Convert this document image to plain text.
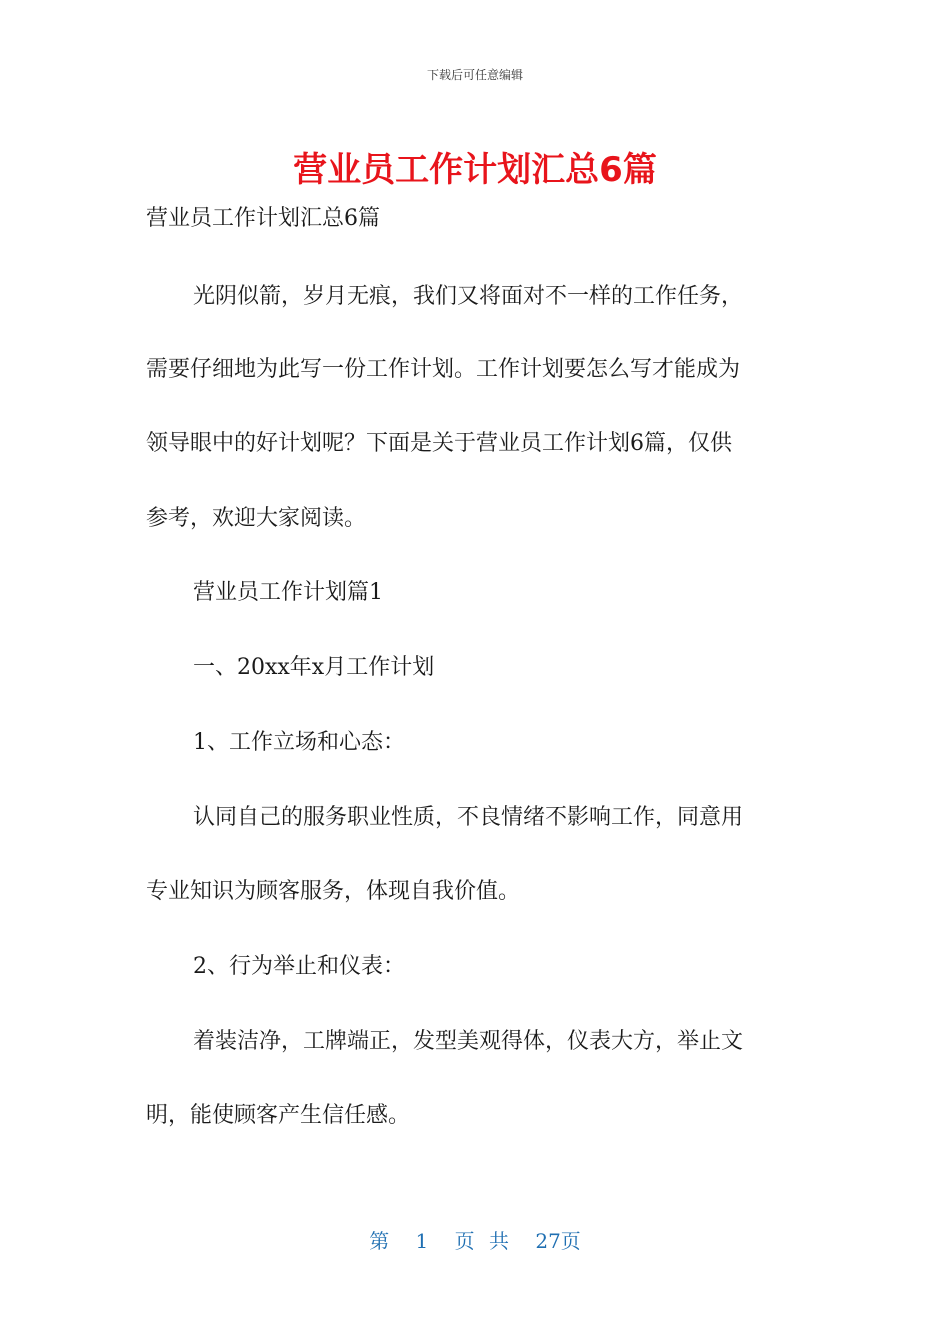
下载后可任意编辑
营业员工作计划汇总6篇
营业员工作计划汇总6篇
光阴似箭，岁月无痕，我们又将面对不一样的工作任务，
需要仔细地为此写一份工作计划。工作计划要怎么写才能成为
领导眼中的好计划呢？下面是关于营业员工作计划6篇，仅供
参考，欢迎大家阅读。
营业员工作计划篇1
一、20xx年x月工作计划
1、工作立场和心态：
认同自己的服务职业性质，不良情绪不影响工作，同意用
专业知识为顾客服务，体现自我价值。
2、行为举止和仪表：
着装洁净，工牌端正，发型美观得体，仪表大方，举止文
明，能使顾客产生信任感。
第 1 页 共 27页
